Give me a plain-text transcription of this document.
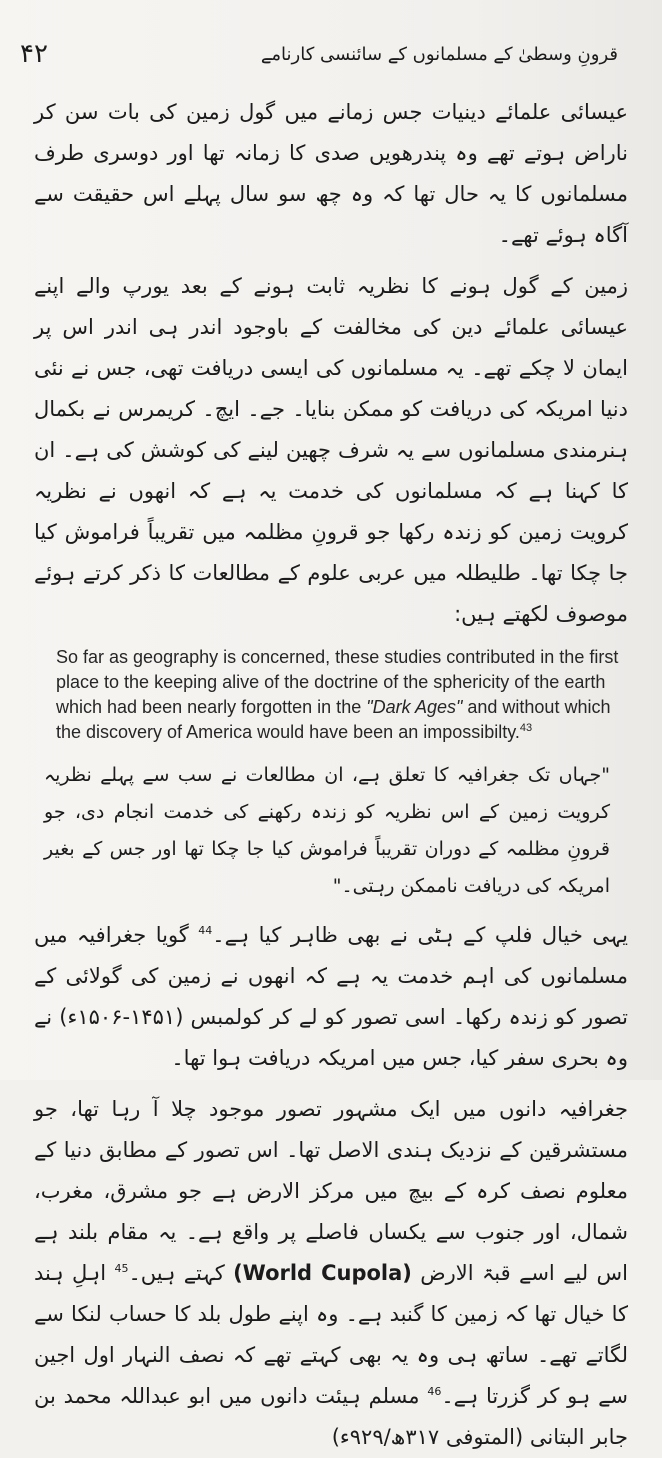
۴۲	قرونِ وسطیٰ کے مسلمانوں کے سائنسی کارنامے

عیسائی علمائے دینیات جس زمانے میں گول زمین کی بات سن کر ناراض ہوتے تھے وہ پندرھویں صدی کا زمانہ تھا اور دوسری طرف مسلمانوں کا یہ حال تھا کہ وہ چھ سو سال پہلے اس حقیقت سے آگاہ ہوئے تھے۔

زمین کے گول ہونے کا نظریہ ثابت ہونے کے بعد یورپ والے اپنے عیسائی علمائے دین کی مخالفت کے باوجود اندر ہی اندر اس پر ایمان لا چکے تھے۔ یہ مسلمانوں کی ایسی دریافت تھی، جس نے نئی دنیا امریکہ کی دریافت کو ممکن بنایا۔ جے۔ ایچ۔ کریمرس نے بکمال ہنرمندی مسلمانوں سے یہ شرف چھین لینے کی کوشش کی ہے۔ ان کا کہنا ہے کہ مسلمانوں کی خدمت یہ ہے کہ انھوں نے نظریہ کرویت زمین کو زندہ رکھا جو قرونِ مظلمہ میں تقریباً فراموش کیا جا چکا تھا۔ طلیطلہ میں عربی علوم کے مطالعات کا ذکر کرتے ہوئے موصوف لکھتے ہیں:

So far as geography is concerned, these studies contributed in the first place to the keeping alive of the doctrine of the sphericity of the earth which had been nearly forgotten in the "Dark Ages" and without which the discovery of America would have been an impossibilty.$^{43}$

"جہاں تک جغرافیہ کا تعلق ہے، ان مطالعات نے سب سے پہلے نظریہ کرویت زمین کے اس نظریہ کو زندہ رکھنے کی خدمت انجام دی، جو قرونِ مظلمہ کے دوران تقریباً فراموش کیا جا چکا تھا اور جس کے بغیر امریکہ کی دریافت ناممکن رہتی۔"

یہی خیال فلپ کے ہٹی نے بھی ظاہر کیا ہے۔$^{44}$ گویا جغرافیہ میں مسلمانوں کی اہم خدمت یہ ہے کہ انھوں نے زمین کی گولائی کے تصور کو زندہ رکھا۔ اسی تصور کو لے کر کولمبس (۱۴۵۱-۱۵۰۶ء) نے وہ بحری سفر کیا، جس میں امریکہ دریافت ہوا تھا۔

جغرافیہ دانوں میں ایک مشہور تصور موجود چلا آ رہا تھا، جو مستشرقین کے نزدیک ہندی الاصل تھا۔ اس تصور کے مطابق دنیا کے معلوم نصف کرہ کے بیچ میں مرکز الارض ہے جو مشرق، مغرب، شمال، اور جنوب سے یکساں فاصلے پر واقع ہے۔ یہ مقام بلند ہے اس لیے اسے قبۃ الارض (World Cupola) کہتے ہیں۔$^{45}$ اہلِ ہند کا خیال تھا کہ زمین کا گنبد ہے۔ وہ اپنے طول بلد کا حساب لنکا سے لگاتے تھے۔ ساتھ ہی وہ یہ بھی کہتے تھے کہ نصف النہار اول اجین سے ہو کر گزرتا ہے۔$^{46}$ مسلم ہیئت دانوں میں ابو عبداللہ محمد بن جابر البتانی (المتوفی ۳۱۷ھ/۹۲۹ء)
